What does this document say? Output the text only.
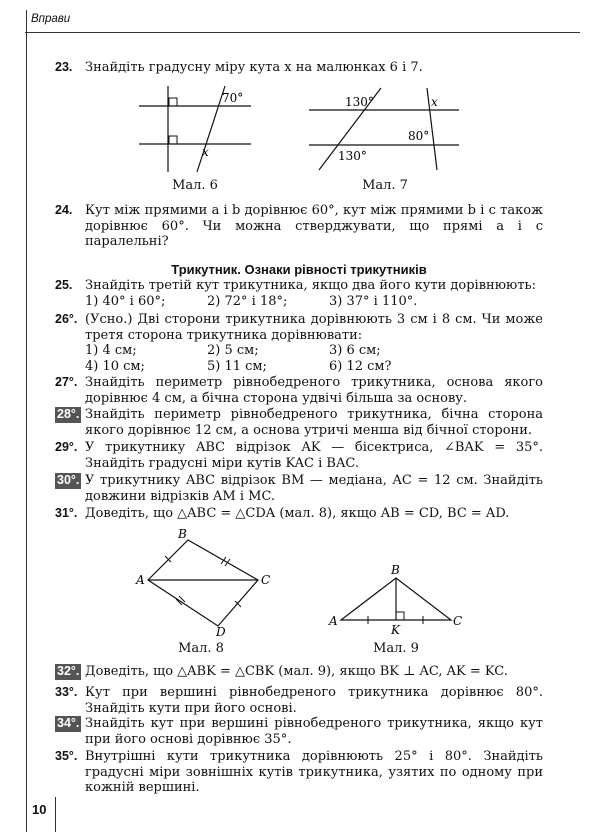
Вправи
10
23. Знайдіть градусну міру кута x на малюнках 6 і 7.
70°
x
Мал. 6
130°
80°
130°
x
Мал. 7
24. Кут між прямими a і b дорівнює 60°, кут між прямими b і c також дорівнює 60°. Чи можна стверджувати, що прямі a і c паралельні?
Трикутник. Ознаки рівності трикутників
25. Знайдіть третій кут трикутника, якщо два його кути дорівнюють:
1) 40° і 60°;	2) 72° і 18°;	3) 37° і 110°.
26°. (Усно.) Дві сторони трикутника дорівнюють 3 см і 8 см. Чи може третя сторона трикутника дорівнювати:
1) 4 см;	2) 5 см;	3) 6 см;
4) 10 см;	5) 11 см;	6) 12 см?
27°. Знайдіть периметр рівнобедреного трикутника, основа якого дорівнює 4 см, а бічна сторона удвічі більша за основу.
28°. Знайдіть периметр рівнобедреного трикутника, бічна сторона якого дорівнює 12 см, а основа утричі менша від бічної сторони.
29°. У трикутнику ABC відрізок AK — бісектриса, ∠BAK = 35°. Знайдіть градусні міри кутів KAC і BAC.
30°. У трикутнику ABC відрізок BM — медіана, AC = 12 см. Знайдіть довжини відрізків AM і MC.
31°. Доведіть, що △ABC = △CDA (мал. 8), якщо AB = CD, BC = AD.
A
B
C
D
Мал. 8
A
B
C
K
Мал. 9
32°. Доведіть, що △ABK = △CBK (мал. 9), якщо BK ⊥ AC, AK = KC.
33°. Кут при вершині рівнобедреного трикутника дорівнює 80°. Знайдіть кути при його основі.
34°. Знайдіть кут при вершині рівнобедреного трикутника, якщо кут при його основі дорівнює 35°.
35°. Внутрішні кути трикутника дорівнюють 25° і 80°. Знайдіть градусні міри зовнішніх кутів трикутника, узятих по одному при кожній вершині.
